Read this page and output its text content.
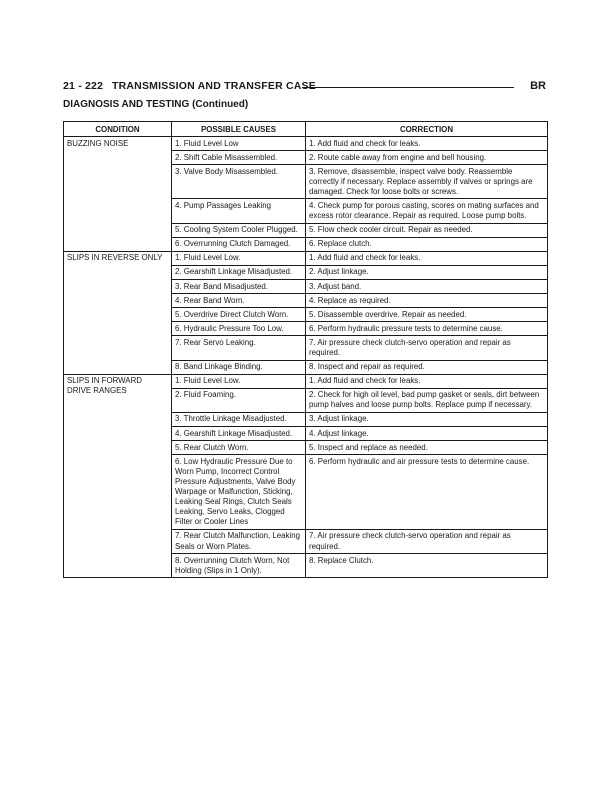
21 - 222 TRANSMISSION AND TRANSFER CASE	BR
DIAGNOSIS AND TESTING (Continued)
CONDITION	POSSIBLE CAUSES	CORRECTION
BUZZING NOISE	1. Fluid Level Low	1. Add fluid and check for leaks.
	2. Shift Cable Misassembled.	2. Route cable away from engine and bell housing.
	3. Valve Body Misassembled.	3. Remove, disassemble, inspect valve body. Reassemble correctly if necessary. Replace assembly if valves or springs are damaged. Check for loose bolts or screws.
	4. Pump Passages Leaking	4. Check pump for porous casting, scores on mating surfaces and excess rotor clearance. Repair as required. Loose pump bolts.
	5. Cooling System Cooler Plugged.	5. Flow check cooler circuit. Repair as needed.
	6. Overrunning Clutch Damaged.	6. Replace clutch.
SLIPS IN REVERSE ONLY	1. Fluid Level Low.	1. Add fluid and check for leaks.
	2. Gearshift Linkage Misadjusted.	2. Adjust linkage.
	3. Rear Band Misadjusted.	3. Adjust band.
	4. Rear Band Worn.	4. Replace as required.
	5. Overdrive Direct Clutch Worn.	5. Disassemble overdrive. Repair as needed.
	6. Hydraulic Pressure Too Low.	6. Perform hydraulic pressure tests to determine cause.
	7. Rear Servo Leaking.	7. Air pressure check clutch-servo operation and repair as required.
	8. Band Linkage Binding.	8. Inspect and repair as required.
SLIPS IN FORWARD DRIVE RANGES	1. Fluid Level Low.	1. Add fluid and check for leaks.
	2. Fluid Foaming.	2. Check for high oil level, bad pump gasket or seals, dirt between pump halves and loose pump bolts. Replace pump if necessary.
	3. Throttle Linkage Misadjusted.	3. Adjust linkage.
	4. Gearshift Linkage Misadjusted.	4. Adjust linkage.
	5. Rear Clutch Worn.	5. Inspect and replace as needed.
	6. Low Hydraulic Pressure Due to Worn Pump, Incorrect Control Pressure Adjustments, Valve Body Warpage or Malfunction, Sticking, Leaking Seal Rings, Clutch Seals Leaking, Servo Leaks, Clogged Filter or Cooler Lines	6. Perform hydraulic and air pressure tests to determine cause.
	7. Rear Clutch Malfunction, Leaking Seals or Worn Plates.	7. Air pressure check clutch-servo operation and repair as required.
	8. Overrunning Clutch Worn, Not Holding (Slips in 1 Only).	8. Replace Clutch.
